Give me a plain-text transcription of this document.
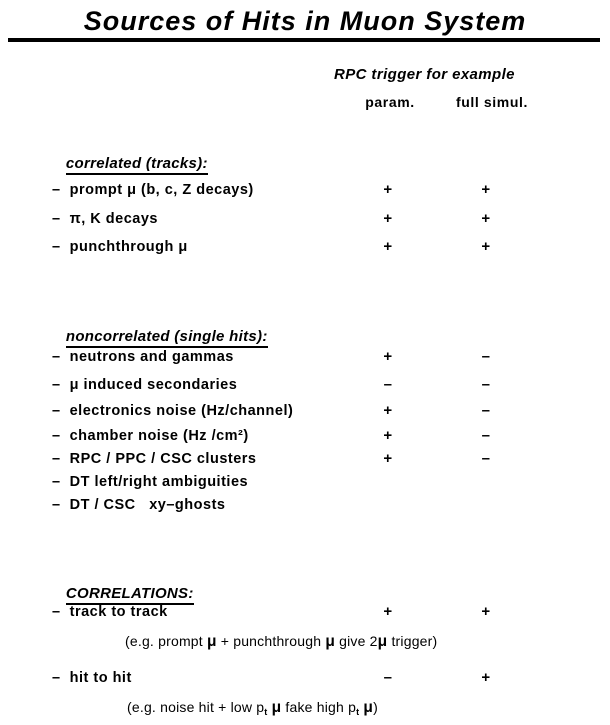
Sources of Hits in Muon System
RPC trigger for example
param.	full simul.

correlated (tracks):

–  prompt μ (b, c, Z decays)	+	+
–  π, K decays	+	+
–  punchthrough μ	+	+

noncorrelated (single hits):

–  neutrons and gammas	+	–
–  μ induced secondaries	–	–
–  electronics noise (Hz/channel)	+	–
–  chamber noise (Hz /cm²)	+	–
–  RPC / PPC / CSC clusters	+	–
–  DT left/right ambiguities
–  DT / CSC   xy–ghosts

CORRELATIONS:

–  track to track	+	+
(e.g. prompt μ + punchthrough μ give 2μ trigger)
–  hit to hit	–	+
(e.g. noise hit + low $p_t$ μ fake high $p_t$ μ)
